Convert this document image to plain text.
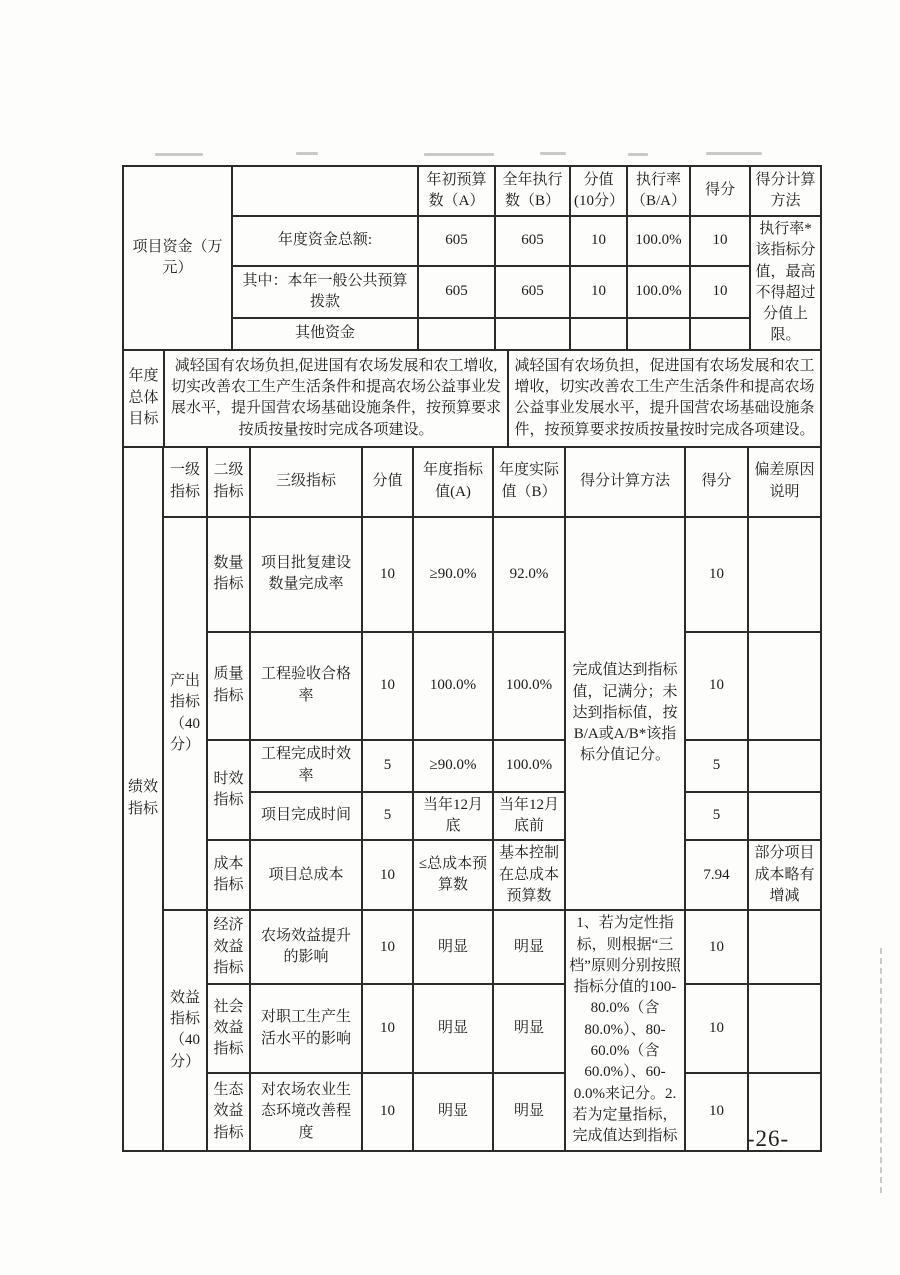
项目资金（万元）		年初预算数（A）	全年执行数（B）	分值(10分）	执行率（B/A）	得分	得分计算方法
	年度资金总额:	605	605	10	100.0%	10	执行率*该指标分值，最高不得超过分值上限。
	其中：本年一般公共预算拨款	605	605	10	100.0%	10	
	其他资金						
年度总体目标	减轻国有农场负担,促进国有农场发展和农工增收,切实改善农工生产生活条件和提高农场公益事业发展水平，提升国营农场基础设施条件，按预算要求按质按量按时完成各项建设。	减轻国有农场负担，促进国有农场发展和农工增收，切实改善农工生产生活条件和提高农场公益事业发展水平，提升国营农场基础设施条件，按预算要求按质按量按时完成各项建设。
绩效指标	一级指标	二级指标	三级指标	分值	年度指标值(A)	年度实际值（B）	得分计算方法	得分	偏差原因说明
	产出指标（40分）	数量指标	项目批复建设数量完成率	10	≥90.0%	92.0%	完成值达到指标值，记满分；未达到指标值，按B/A或A/B*该指标分值记分。	10	
		质量指标	工程验收合格率	10	100.0%	100.0%		10	
		时效指标	工程完成时效率	5	≥90.0%	100.0%		5	
			项目完成时间	5	当年12月底	当年12月底前		5	
		成本指标	项目总成本	10	≤总成本预算数	基本控制在总成本预算数		7.94	部分项目成本略有增减
	效益指标（40分）	经济效益指标	农场效益提升的影响	10	明显	明显	1、若为定性指标，则根据“三档”原则分别按照指标分值的100-80.0%（含80.0%）、80-60.0%（含60.0%）、60-0.0%来记分。2.若为定量指标，完成值达到指标	10	
		社会效益指标	对职工生产生活水平的影响	10	明显	明显		10	
		生态效益指标	对农场农业生态环境改善程度	10	明显	明显		10	
-26-
